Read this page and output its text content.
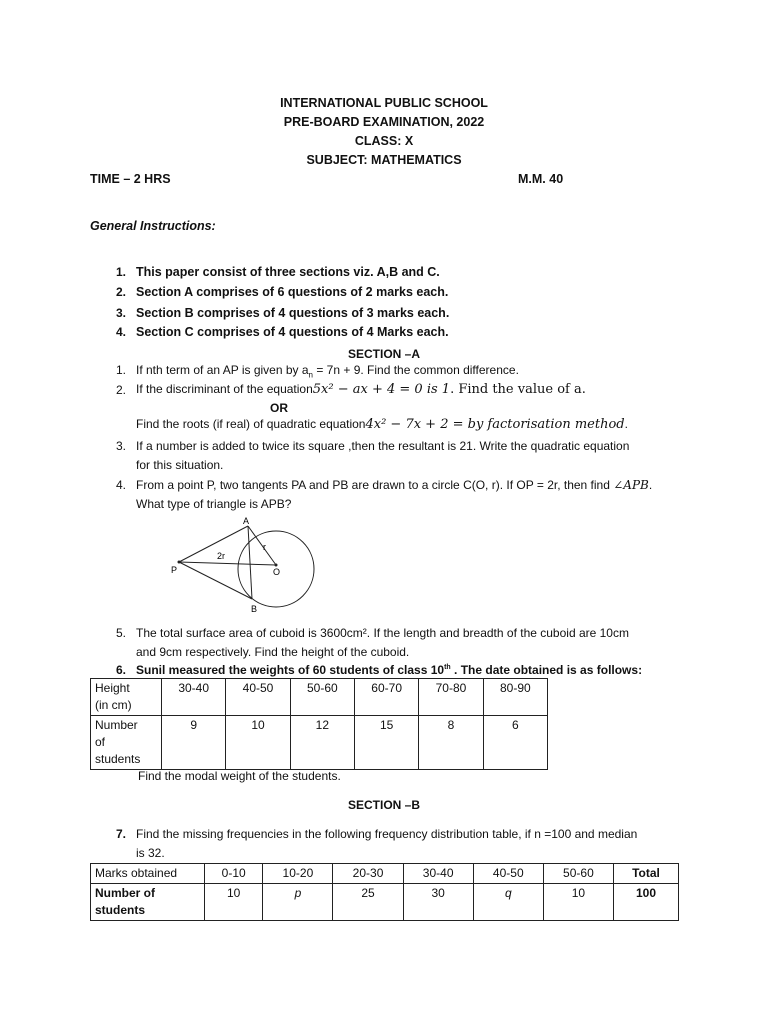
INTERNATIONAL PUBLIC SCHOOL
PRE-BOARD EXAMINATION, 2022
CLASS: X
SUBJECT: MATHEMATICS
TIME – 2 HRS	M.M. 40
General Instructions:
1. This paper consist of three sections viz. A,B and C.
2. Section A comprises of 6 questions of 2 marks each.
3. Section B comprises of 4 questions of 3 marks each.
4. Section C comprises of 4 questions of 4 Marks each.
SECTION –A
1. If nth term of an AP is given by $a_n = 7n + 9$. Find the common difference.
2. If the discriminant of the equation5x² − ax + 4 = 0 is 1. Find the value of a.
OR
Find the roots (if real) of quadratic equation4x² − 7x + 2 = by factorisation method.
3. If a number is added to twice its square ,then the resultant is 21. Write the quadratic equation
for this situation.
4. From a point P, two tangents PA and PB are drawn to a circle C(O, r). If OP = 2r, then find ∠APB.
What type of triangle is APB?
A
B
P	O
r
2r
5. The total surface area of cuboid is 3600cm². If the length and breadth of the cuboid are 10cm
and 9cm respectively. Find the height of the cuboid.
6. Sunil measured the weights of 60 students of class 10th . The date obtained is as follows:
Height
(in cm)	30-40	40-50	50-60	60-70	70-80	80-90

Number
of
students	9	10	12	15	8	6
Find the modal weight of the students.
SECTION –B
7. Find the missing frequencies in the following frequency distribution table, if n =100 and median
is 32.
Marks obtained	0-10	10-20	20-30	30-40	40-50	50-60	Total

Number of
students	10	p	25	30	q	10	100
